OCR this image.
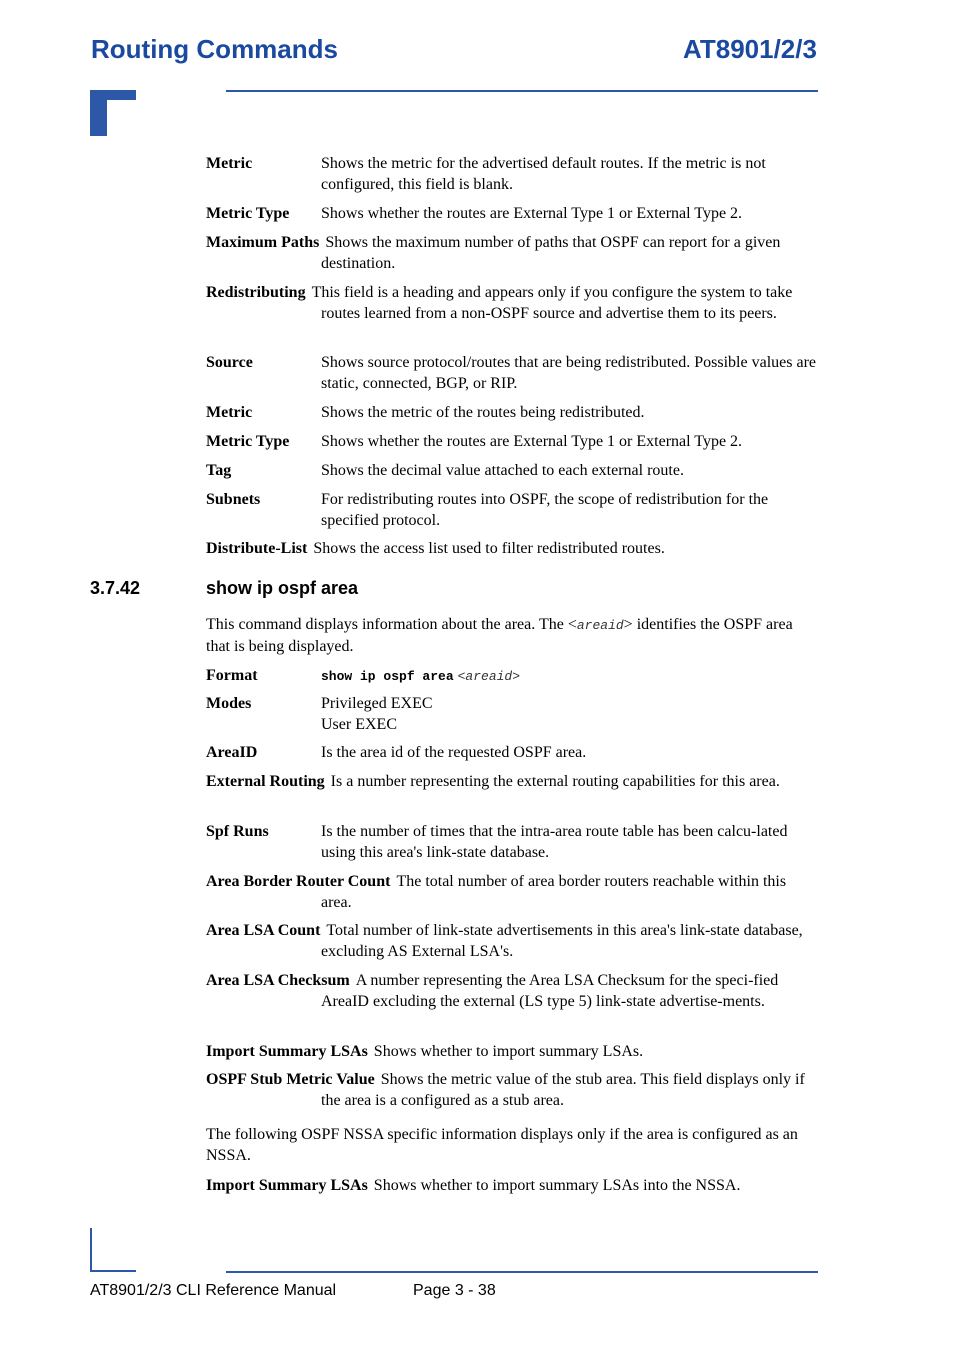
Routing Commands	AT8901/2/3
Metric	Shows the metric for the advertised default routes. If the metric is not configured, this field is blank.
Metric Type Shows whether the routes are External Type 1 or External Type 2.
Maximum Paths Shows the maximum number of paths that OSPF can report for a given destination.
Redistributing This field is a heading and appears only if you configure the system to take routes learned from a non-OSPF source and advertise them to its peers.
Source	Shows source protocol/routes that are being redistributed. Possible values are static, connected, BGP, or RIP.
Metric	Shows the metric of the routes being redistributed.
Metric Type Shows whether the routes are External Type 1 or External Type 2.
Tag	Shows the decimal value attached to each external route.
Subnets	For redistributing routes into OSPF, the scope of redistribution for the specified protocol.
Distribute-List Shows the access list used to filter redistributed routes.
3.7.42	show ip ospf area
This command displays information about the area. The <areaid> identifies the OSPF area that is being displayed.
Format	show ip ospf area <areaid>
Modes	Privileged EXEC
User EXEC
AreaID	Is the area id of the requested OSPF area.
External Routing Is a number representing the external routing capabilities for this area.
Spf Runs	Is the number of times that the intra-area route table has been calcu-lated using this area's link-state database.
Area Border Router Count The total number of area border routers reachable within this area.
Area LSA Count Total number of link-state advertisements in this area's link-state database, excluding AS External LSA's.
Area LSA Checksum A number representing the Area LSA Checksum for the speci-fied AreaID excluding the external (LS type 5) link-state advertise-ments.
Import Summary LSAs Shows whether to import summary LSAs.
OSPF Stub Metric Value Shows the metric value of the stub area. This field displays only if the area is a configured as a stub area.
The following OSPF NSSA specific information displays only if the area is configured as an NSSA.
Import Summary LSAs Shows whether to import summary LSAs into the NSSA.
AT8901/2/3 CLI Reference Manual	Page 3 - 38
